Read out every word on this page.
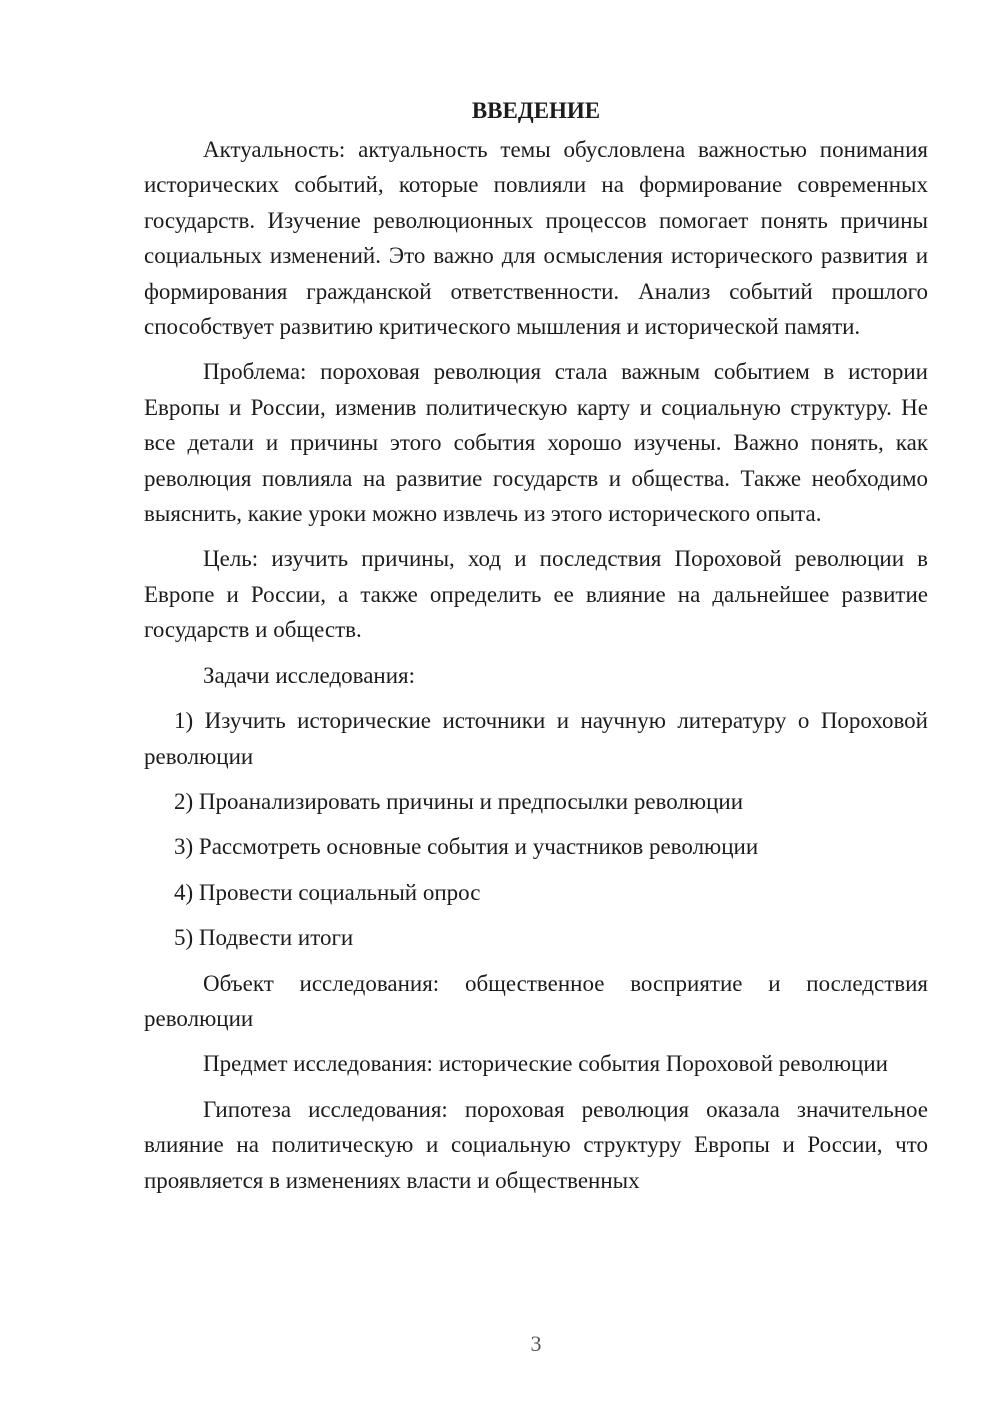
ВВЕДЕНИЕ

Актуальность: актуальность темы обусловлена важностью понимания исторических событий, которые повлияли на формирование современных государств. Изучение революционных процессов помогает понять причины социальных изменений. Это важно для осмысления исторического развития и формирования гражданской ответственности. Анализ событий прошлого способствует развитию критического мышления и исторической памяти.

Проблема: пороховая революция стала важным событием в истории Европы и России, изменив политическую карту и социальную структуру. Не все детали и причины этого события хорошо изучены. Важно понять, как революция повлияла на развитие государств и общества. Также необходимо выяснить, какие уроки можно извлечь из этого исторического опыта.

Цель: изучить причины, ход и последствия Пороховой революции в Европе и России, а также определить ее влияние на дальнейшее развитие государств и обществ.

Задачи исследования:

1) Изучить исторические источники и научную литературу о Пороховой революции

2) Проанализировать причины и предпосылки революции

3) Рассмотреть основные события и участников революции

4) Провести социальный опрос

5) Подвести итоги

Объект исследования: общественное восприятие и последствия революции

Предмет исследования: исторические события Пороховой революции

Гипотеза исследования: пороховая революция оказала значительное влияние на политическую и социальную структуру Европы и России, что проявляется в изменениях власти и общественных

3
